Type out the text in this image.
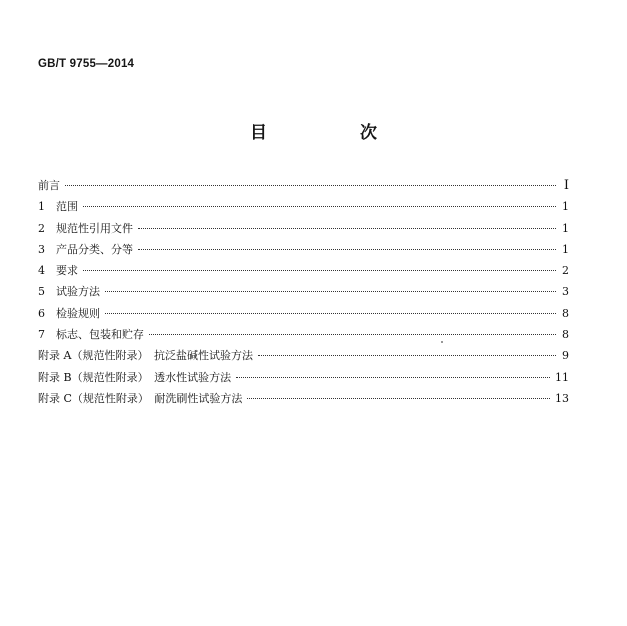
GB/T 9755—2014
目　次
前言	Ⅰ
1	范围	1
2	规范性引用文件	1
3	产品分类、分等	1
4	要求	2
5	试验方法	3
6	检验规则	8
7	标志、包装和贮存	8
附录 A（规范性附录）　抗泛盐碱性试验方法	9
附录 B（规范性附录）　透水性试验方法	11
附录 C（规范性附录）　耐洗刷性试验方法	13
